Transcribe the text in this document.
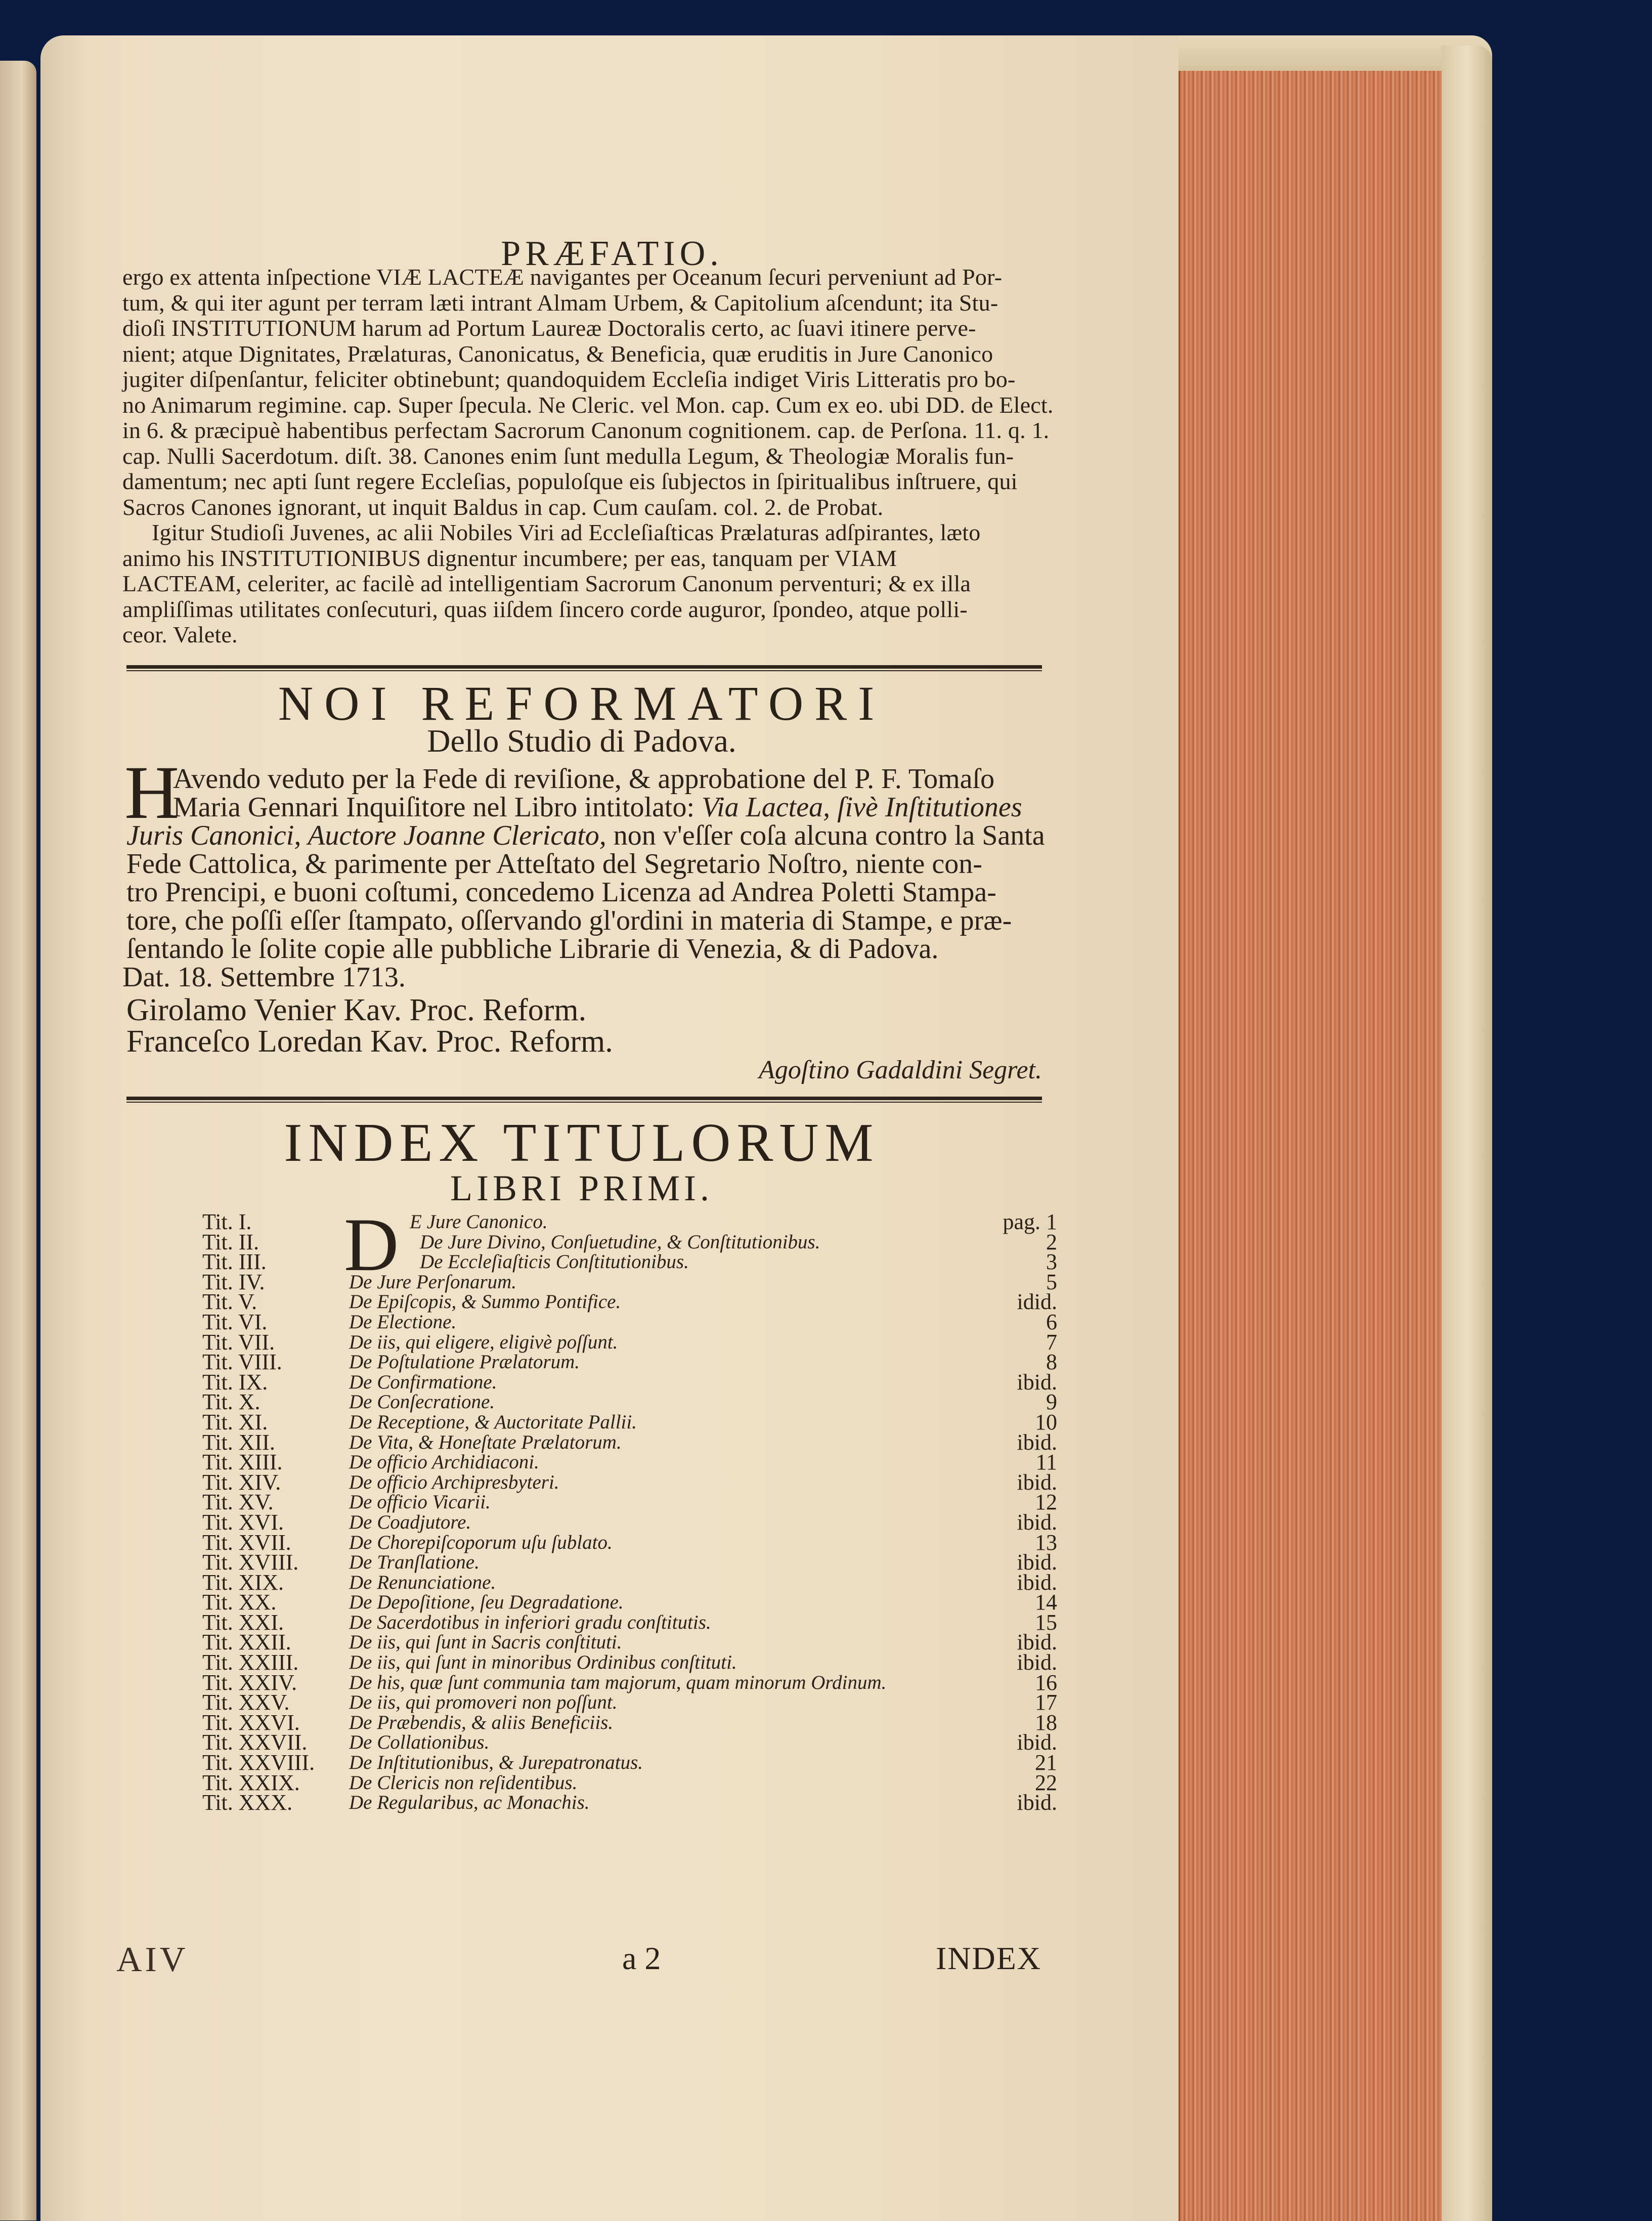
PRÆFATIO.
ergo ex attenta inſpectione VIÆ LACTEÆ navigantes per Oceanum ſecuri perveniunt ad Por-
tum, & qui iter agunt per terram læti intrant Almam Urbem, & Capitolium aſcendunt; ita Stu-
dioſi INSTITUTIONUM harum ad Portum Laureæ Doctoralis certo, ac ſuavi itinere perve-
nient; atque Dignitates, Prælaturas, Canonicatus, & Beneficia, quæ eruditis in Jure Canonico
jugiter diſpenſantur, feliciter obtinebunt; quandoquidem Eccleſia indiget Viris Litteratis pro bo-
no Animarum regimine. cap. Super ſpecula. Ne Cleric. vel Mon. cap. Cum ex eo. ubi DD. de Elect.
in 6. & præcipuè habentibus perfectam Sacrorum Canonum cognitionem. cap. de Perſona. 11. q. 1.
cap. Nulli Sacerdotum. diſt. 38. Canones enim ſunt medulla Legum, & Theologiæ Moralis fun-
damentum; nec apti ſunt regere Eccleſias, populoſque eis ſubjectos in ſpiritualibus inſtruere, qui
Sacros Canones ignorant, ut inquit Baldus in cap. Cum cauſam. col. 2. de Probat.
Igitur Studioſi Juvenes, ac alii Nobiles Viri ad Eccleſiaſticas Prælaturas adſpirantes, læto
animo his INSTITUTIONIBUS dignentur incumbere; per eas, tanquam per VIAM
LACTEAM, celeriter, ac facilè ad intelligentiam Sacrorum Canonum perventuri; & ex illa
ampliſſimas utilitates conſecuturi, quas iiſdem ſincero corde auguror, ſpondeo, atque polli-
ceor. Valete.
NOI REFORMATORI
Dello Studio di Padova.
H
Avendo veduto per la Fede di reviſione, & approbatione del P. F. Tomaſo
Maria Gennari Inquiſitore nel Libro intitolato: Via Lactea, ſivè Inſtitutiones
Juris Canonici, Auctore Joanne Clericato, non v'eſſer coſa alcuna contro la Santa
Fede Cattolica, & parimente per Atteſtato del Segretario Noſtro, niente con-
tro Prencipi, e buoni coſtumi, concedemo Licenza ad Andrea Poletti Stampa-
tore, che poſſi eſſer ſtampato, oſſervando gl'ordini in materia di Stampe, e præ-
ſentando le ſolite copie alle pubbliche Librarie di Venezia, & di Padova.
Dat. 18. Settembre 1713.
Girolamo Venier Kav. Proc. Reform.
Franceſco Loredan Kav. Proc. Reform.
Agoſtino Gadaldini Segret.
INDEX TITULORUM
LIBRI PRIMI.
D
Tit. I.	E Jure Canonico.	pag. 1
Tit. II.	De Jure Divino, Conſuetudine, & Conſtitutionibus.	2
Tit. III.	De Eccleſiaſticis Conſtitutionibus.	3
Tit. IV.	De Jure Perſonarum.	5
Tit. V.	De Epiſcopis, & Summo Pontifice.	idid.
Tit. VI.	De Electione.	6
Tit. VII.	De iis, qui eligere, eligivè poſſunt.	7
Tit. VIII.	De Poſtulatione Prælatorum.	8
Tit. IX.	De Confirmatione.	ibid.
Tit. X.	De Conſecratione.	9
Tit. XI.	De Receptione, & Auctoritate Pallii.	10
Tit. XII.	De Vita, & Honeſtate Prælatorum.	ibid.
Tit. XIII.	De officio Archidiaconi.	11
Tit. XIV.	De officio Archipresbyteri.	ibid.
Tit. XV.	De officio Vicarii.	12
Tit. XVI.	De Coadjutore.	ibid.
Tit. XVII.	De Chorepiſcoporum uſu ſublato.	13
Tit. XVIII.	De Tranſlatione.	ibid.
Tit. XIX.	De Renunciatione.	ibid.
Tit. XX.	De Depoſitione, ſeu Degradatione.	14
Tit. XXI.	De Sacerdotibus in inferiori gradu conſtitutis.	15
Tit. XXII.	De iis, qui ſunt in Sacris conſtituti.	ibid.
Tit. XXIII.	De iis, qui ſunt in minoribus Ordinibus conſtituti.	ibid.
Tit. XXIV.	De his, quæ ſunt communia tam majorum, quam minorum Ordinum.	16
Tit. XXV.	De iis, qui promoveri non poſſunt.	17
Tit. XXVI.	De Præbendis, & aliis Beneficiis.	18
Tit. XXVII.	De Collationibus.	ibid.
Tit. XXVIII.	De Inſtitutionibus, & Jurepatronatus.	21
Tit. XXIX.	De Clericis non reſidentibus.	22
Tit. XXX.	De Regularibus, ac Monachis.	ibid.
AIV	a 2	INDEX
